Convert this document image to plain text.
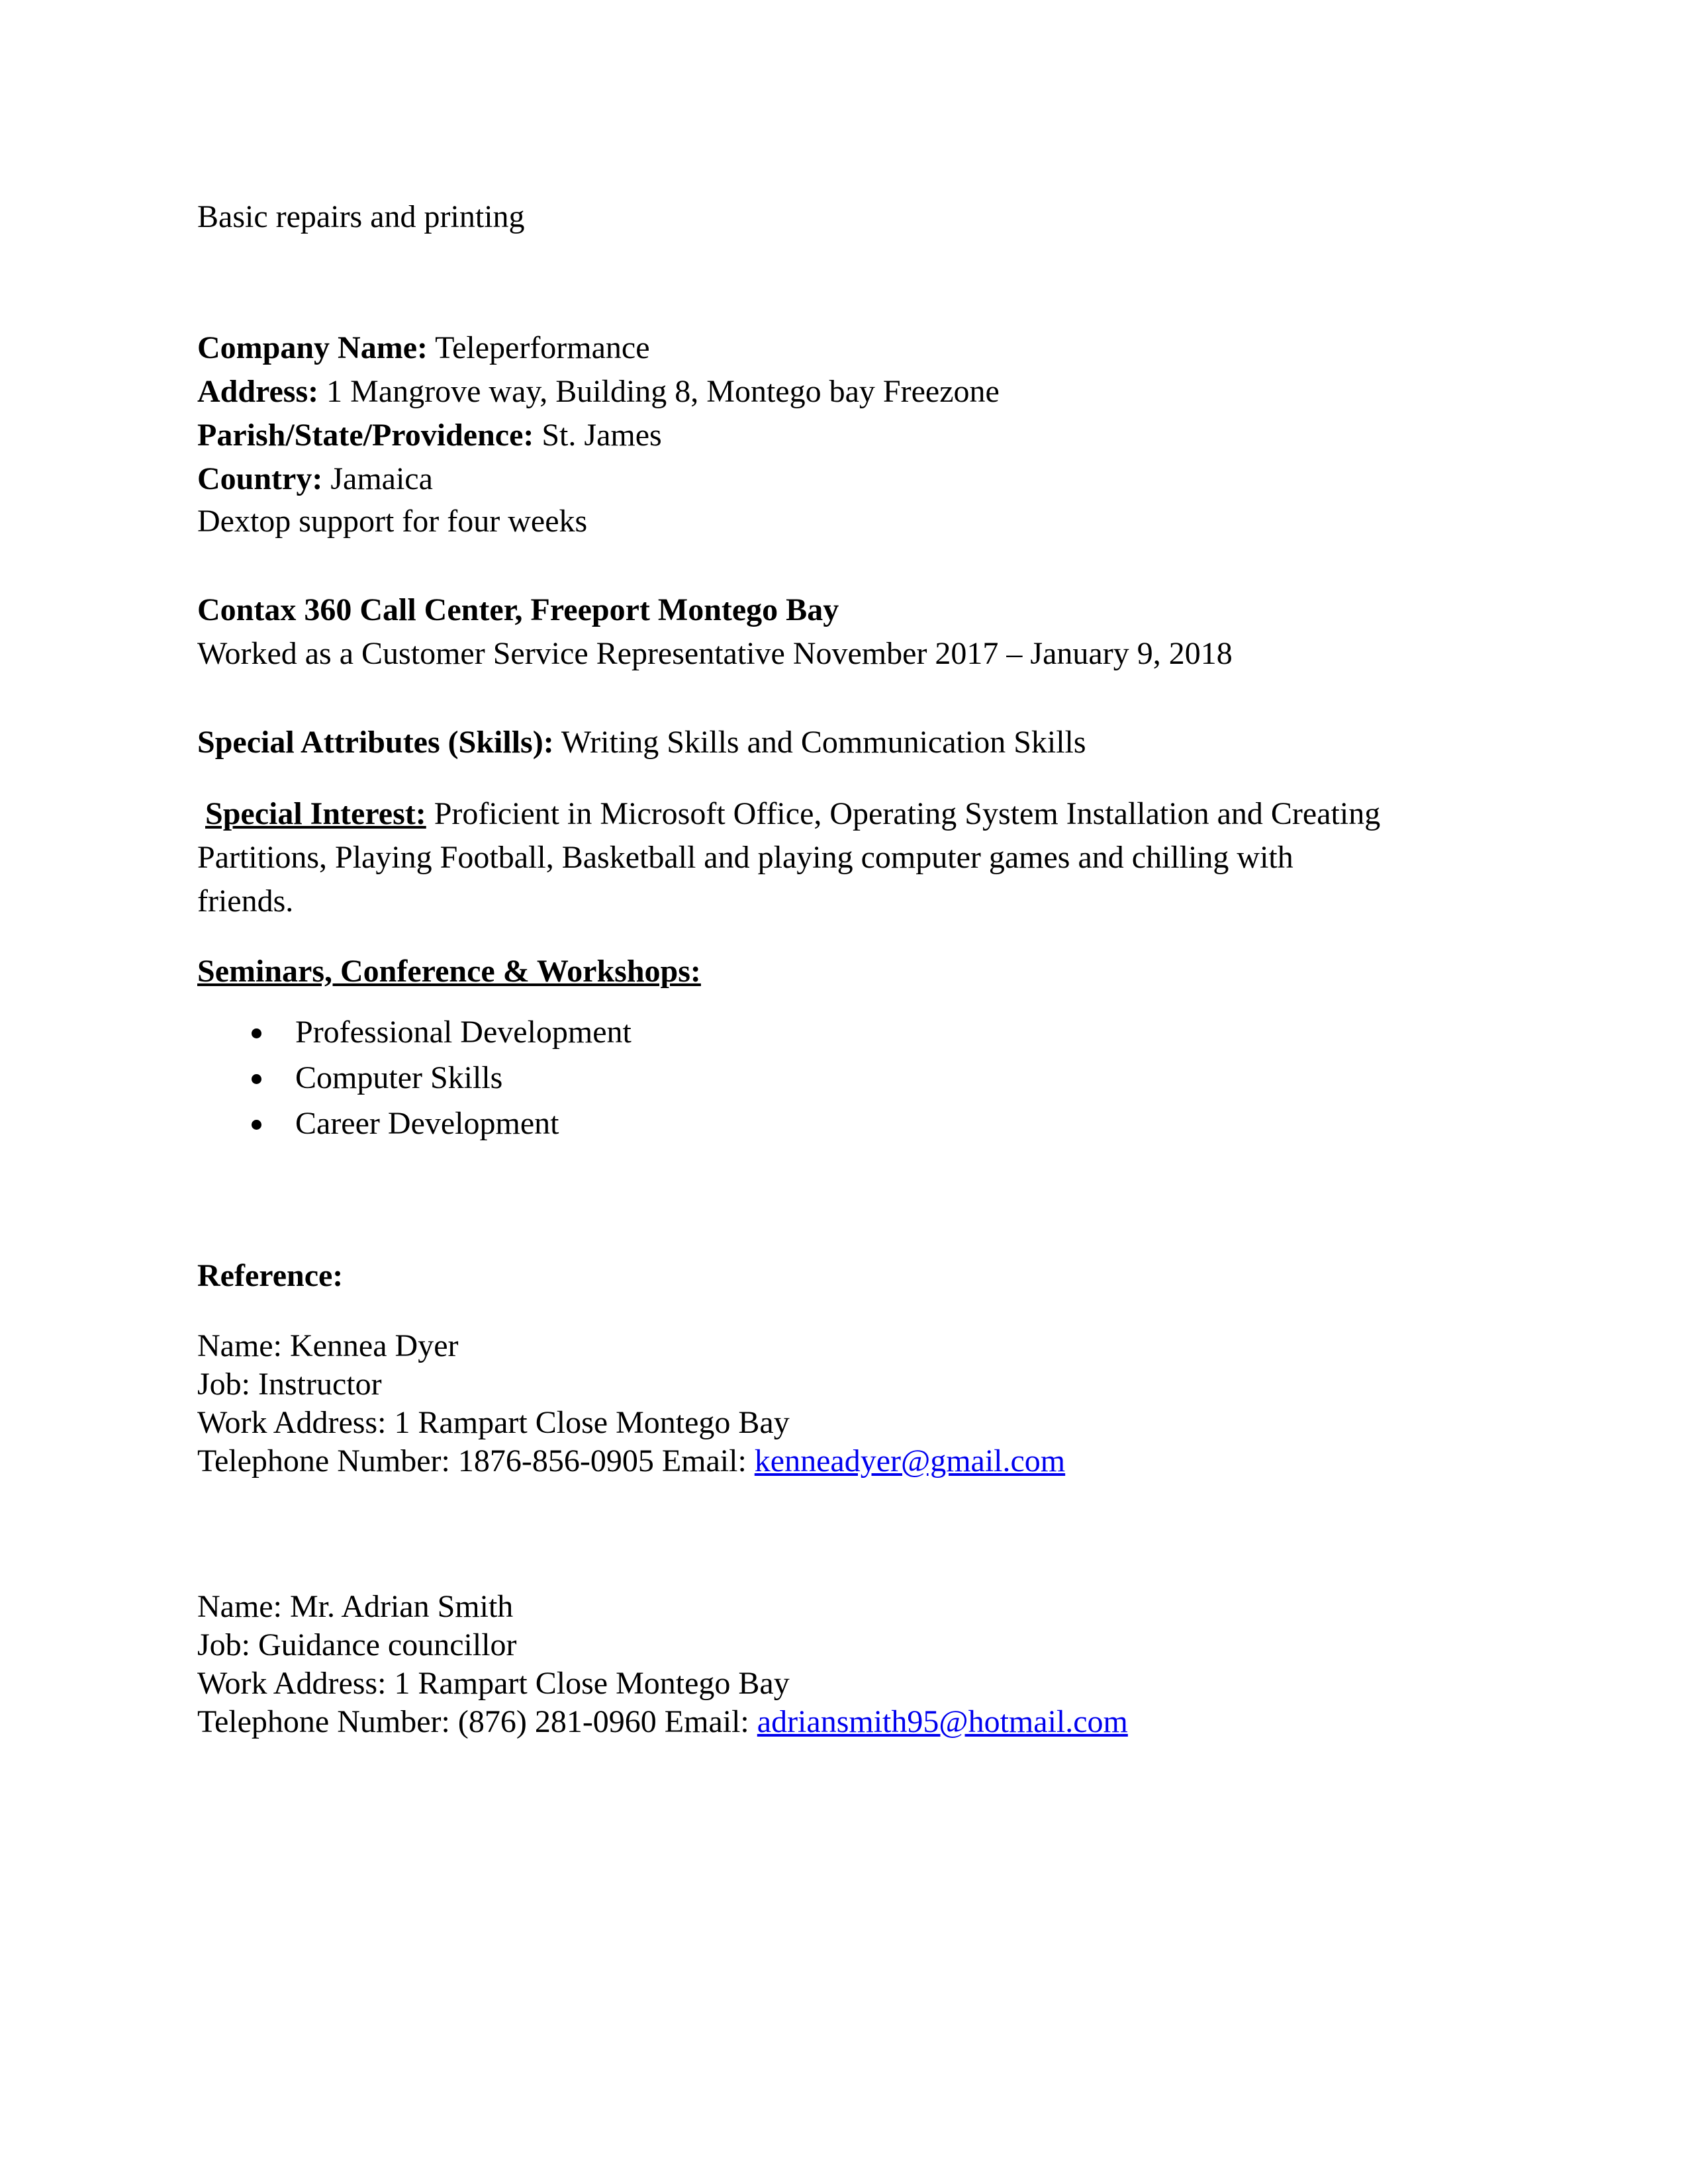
Basic repairs and printing
Company Name: Teleperformance
Address: 1 Mangrove way, Building 8, Montego bay Freezone
Parish/State/Providence: St. James
Country: Jamaica
Dextop support for four weeks
Contax 360 Call Center, Freeport Montego Bay
Worked as a Customer Service Representative November 2017 – January 9, 2018
Special Attributes (Skills): Writing Skills and Communication Skills
Special Interest: Proficient in Microsoft Office, Operating System Installation and Creating
Partitions, Playing Football, Basketball and playing computer games and chilling with
friends.
Seminars, Conference & Workshops:
Professional Development
Computer Skills
Career Development
Reference:
Name: Kennea Dyer
Job: Instructor
Work Address: 1 Rampart Close Montego Bay
Telephone Number: 1876-856-0905 Email: kenneadyer@gmail.com
Name: Mr. Adrian Smith
Job: Guidance councillor
Work Address: 1 Rampart Close Montego Bay
Telephone Number: (876) 281-0960 Email: adriansmith95@hotmail.com
